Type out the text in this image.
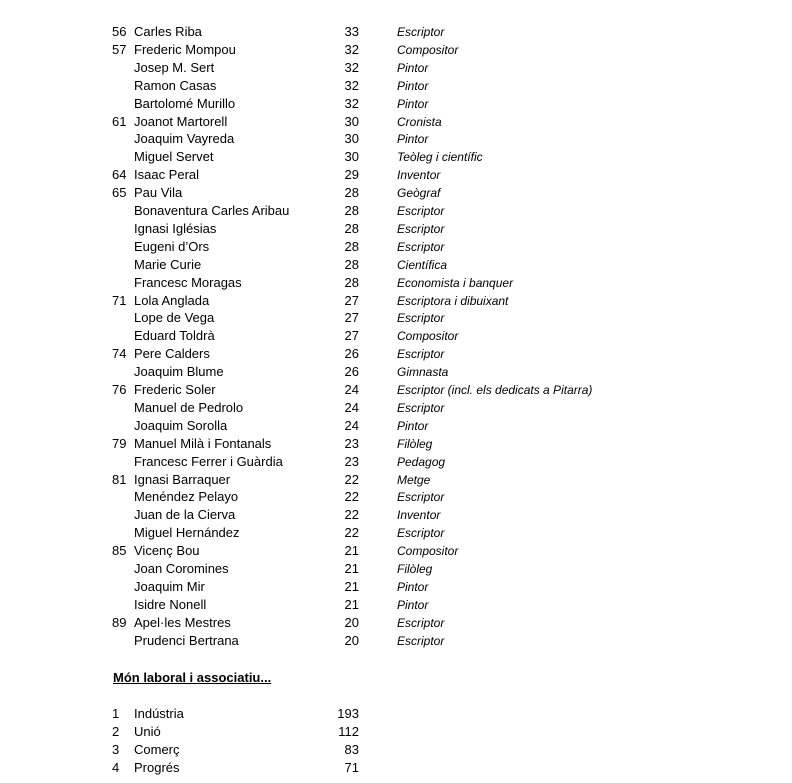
56 Carles Riba	33	Escriptor
57 Frederic Mompou	32	Compositor
Josep M. Sert	32	Pintor
Ramon Casas	32	Pintor
Bartolomé Murillo	32	Pintor
61 Joanot Martorell	30	Cronista
Joaquim Vayreda	30	Pintor
Miguel Servet	30	Teòleg i científic
64 Isaac Peral	29	Inventor
65 Pau Vila	28	Geògraf
Bonaventura Carles Aribau	28	Escriptor
Ignasi Iglésias	28	Escriptor
Eugeni d’Ors	28	Escriptor
Marie Curie	28	Científica
Francesc Moragas	28	Economista i banquer
71 Lola Anglada	27	Escriptora i dibuixant
Lope de Vega	27	Escriptor
Eduard Toldrà	27	Compositor
74 Pere Calders	26	Escriptor
Joaquim Blume	26	Gimnasta
76 Frederic Soler	24	Escriptor (incl. els dedicats a Pitarra)
Manuel de Pedrolo	24	Escriptor
Joaquim Sorolla	24	Pintor
79 Manuel Milà i Fontanals	23	Filòleg
Francesc Ferrer i Guàrdia	23	Pedagog
81 Ignasi Barraquer	22	Metge
Menéndez Pelayo	22	Escriptor
Juan de la Cierva	22	Inventor
Miguel Hernández	22	Escriptor
85 Vicenç Bou	21	Compositor
Joan Coromines	21	Filòleg
Joaquim Mir	21	Pintor
Isidre Nonell	21	Pintor
89 Apel·les Mestres	20	Escriptor
Prudenci Bertrana	20	Escriptor
Món laboral i associatiu...
1	Indústria	193
2	Unió	112
3	Comerç	83
4	Progrés	71
